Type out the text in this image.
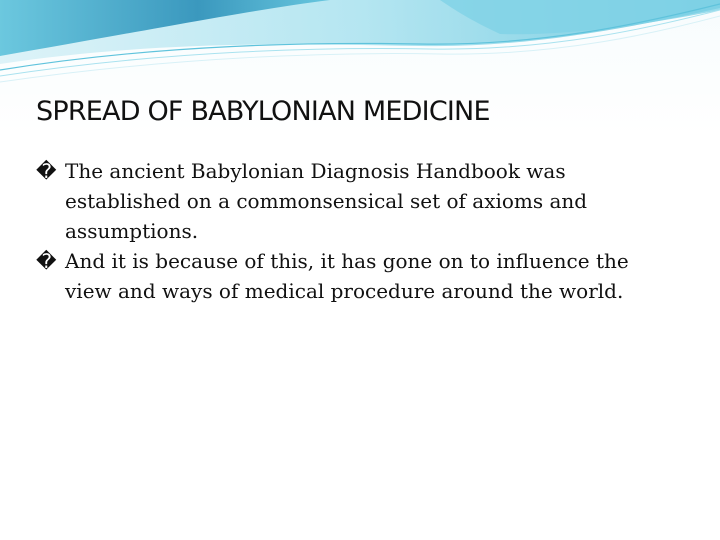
SPREAD OF BABYLONIAN MEDICINE
� The ancient Babylonian Diagnosis Handbook was established on a commonsensical set of axioms and assumptions.
� And it is because of this, it has gone on to influence the view and ways of medical procedure around the world.
